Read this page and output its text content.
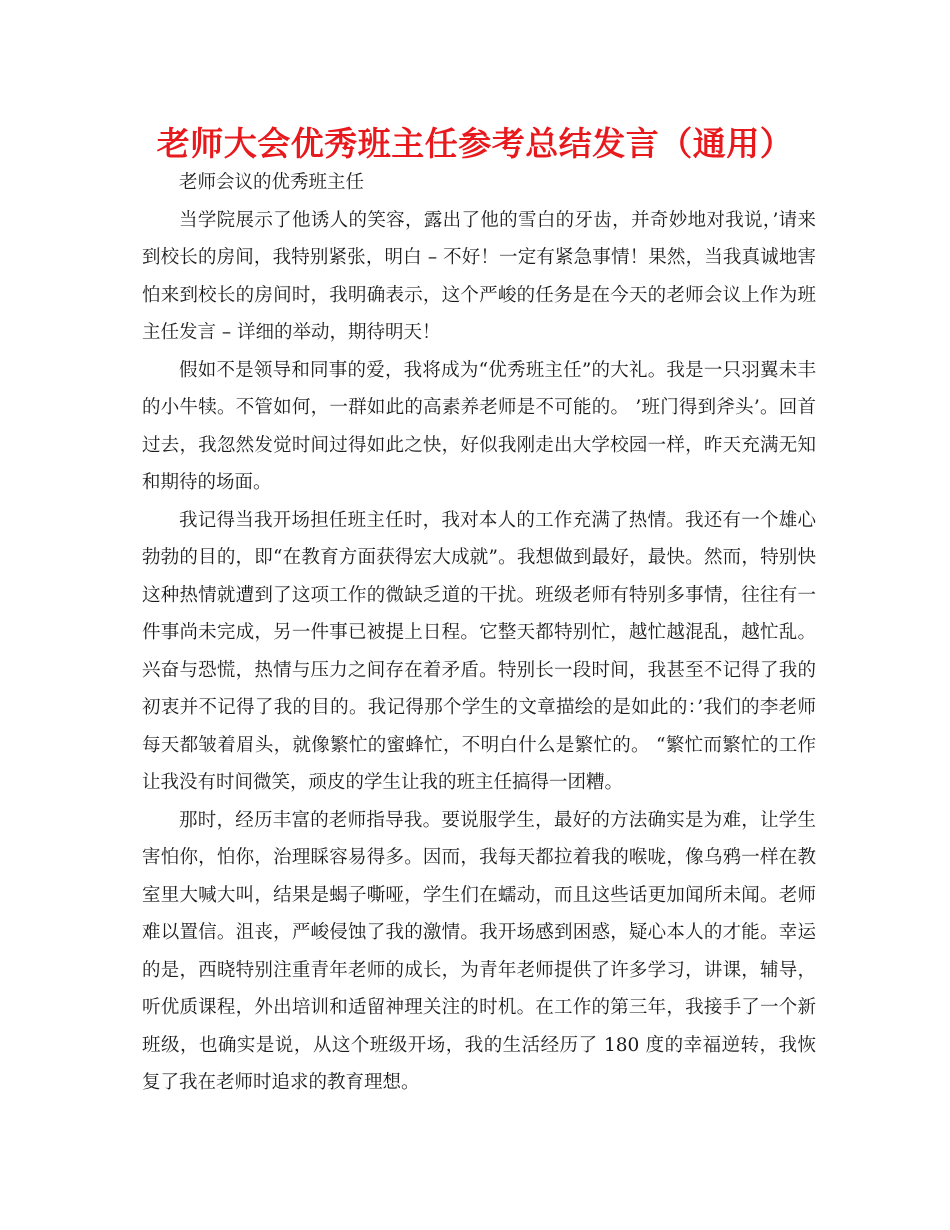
老师大会优秀班主任参考总结发言（通用）

老师会议的优秀班主任

当学院展示了他诱人的笑容，露出了他的雪白的牙齿，并奇妙地对我说，’请来到校长的房间，我特别紧张，明白 – 不好！一定有紧急事情！果然，当我真诚地害怕来到校长的房间时，我明确表示，这个严峻的任务是在今天的老师会议上作为班主任发言 – 详细的举动，期待明天！

假如不是领导和同事的爱，我将成为“优秀班主任”的大礼。我是一只羽翼未丰的小牛犊。不管如何，一群如此的高素养老师是不可能的。 ’班门得到斧头’。回首过去，我忽然发觉时间过得如此之快，好似我刚走出大学校园一样，昨天充满无知和期待的场面。

我记得当我开场担任班主任时，我对本人的工作充满了热情。我还有一个雄心勃勃的目的，即“在教育方面获得宏大成就”。我想做到最好，最快。然而，特别快这种热情就遭到了这项工作的微缺乏道的干扰。班级老师有特别多事情，往往有一件事尚未完成，另一件事已被提上日程。它整天都特别忙，越忙越混乱，越忙乱。兴奋与恐慌，热情与压力之间存在着矛盾。特别长一段时间，我甚至不记得了我的初衷并不记得了我的目的。我记得那个学生的文章描绘的是如此的：’我们的李老师每天都皱着眉头，就像繁忙的蜜蜂忙，不明白什么是繁忙的。 “繁忙而繁忙的工作让我没有时间微笑，顽皮的学生让我的班主任搞得一团糟。

那时，经历丰富的老师指导我。要说服学生，最好的方法确实是为难，让学生害怕你，怕你，治理睬容易得多。因而，我每天都拉着我的喉咙，像乌鸦一样在教室里大喊大叫，结果是蝎子嘶哑，学生们在蠕动，而且这些话更加闻所未闻。老师难以置信。沮丧，严峻侵蚀了我的激情。我开场感到困惑，疑心本人的才能。幸运的是，西晓特别注重青年老师的成长，为青年老师提供了许多学习，讲课，辅导，听优质课程，外出培训和适留神理关注的时机。在工作的第三年，我接手了一个新班级，也确实是说，从这个班级开场，我的生活经历了 180 度的幸福逆转，我恢复了我在老师时追求的教育理想。
